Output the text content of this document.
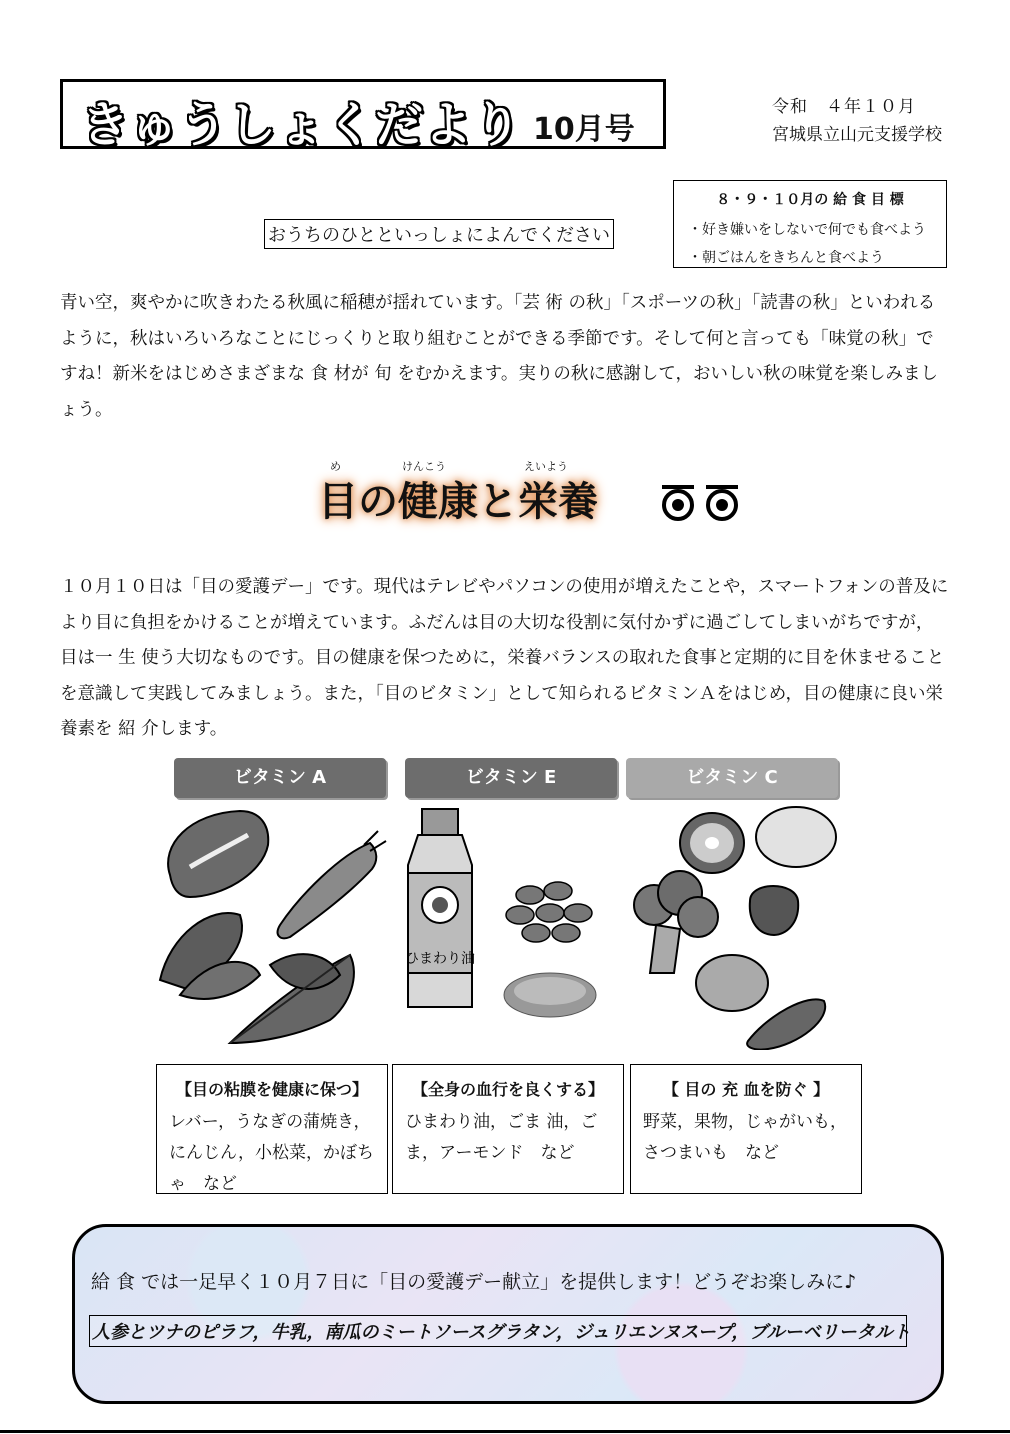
きゅうしょくだより 10月号
令和　４年１０月
宮城県立山元支援学校
８・９・１０月の 給 食 目 標
・好き嫌いをしないで何でも食べよう
・朝ごはんをきちんと食べよう
おうちのひとといっしょによんでください

青い空，爽やかに吹きわたる秋風に稲穂が揺れています。「芸 術 の秋」「スポーツの秋」「読書の秋」といわれるように，秋はいろいろなことにじっくりと取り組むことができる季節です。そして何と言っても「味覚の秋」ですね！新米をはじめさまざまな 食 材が 旬 をむかえます。実りの秋に感謝して，おいしい秋の味覚を楽しみましょう。

め	けんこう	えいよう
目の健康と栄養

１０月１０日は「目の愛護デー」です。現代はテレビやパソコンの使用が増えたことや，スマートフォンの普及により目に負担をかけることが増えています。ふだんは目の大切な役割に気付かずに過ごしてしまいがちですが，目は一 生 使う大切なものです。目の健康を保つために，栄養バランスの取れた食事と定期的に目を休ませることを意識して実践してみましょう。また，「目のビタミン」として知られるビタミンＡをはじめ，目の健康に良い栄養素を 紹 介します。

ビタミン A	ビタミン E	ビタミン C
ひまわり油
【目の粘膜を健康に保つ】
レバー，うなぎの蒲焼き，にんじん，小松菜，かぼちゃ　など
【全身の血行を良くする】
ひまわり油，ごま 油，ごま，アーモンド　など
【 目の 充 血を防ぐ 】
野菜，果物，じゃがいも，さつまいも　など
給 食 では一足早く１０月７日に「目の愛護デー献立」を提供します！どうぞお楽しみに♪
人参とツナのピラフ，牛乳，南瓜のミートソースグラタン，ジュリエンヌスープ，ブルーベリータルト
